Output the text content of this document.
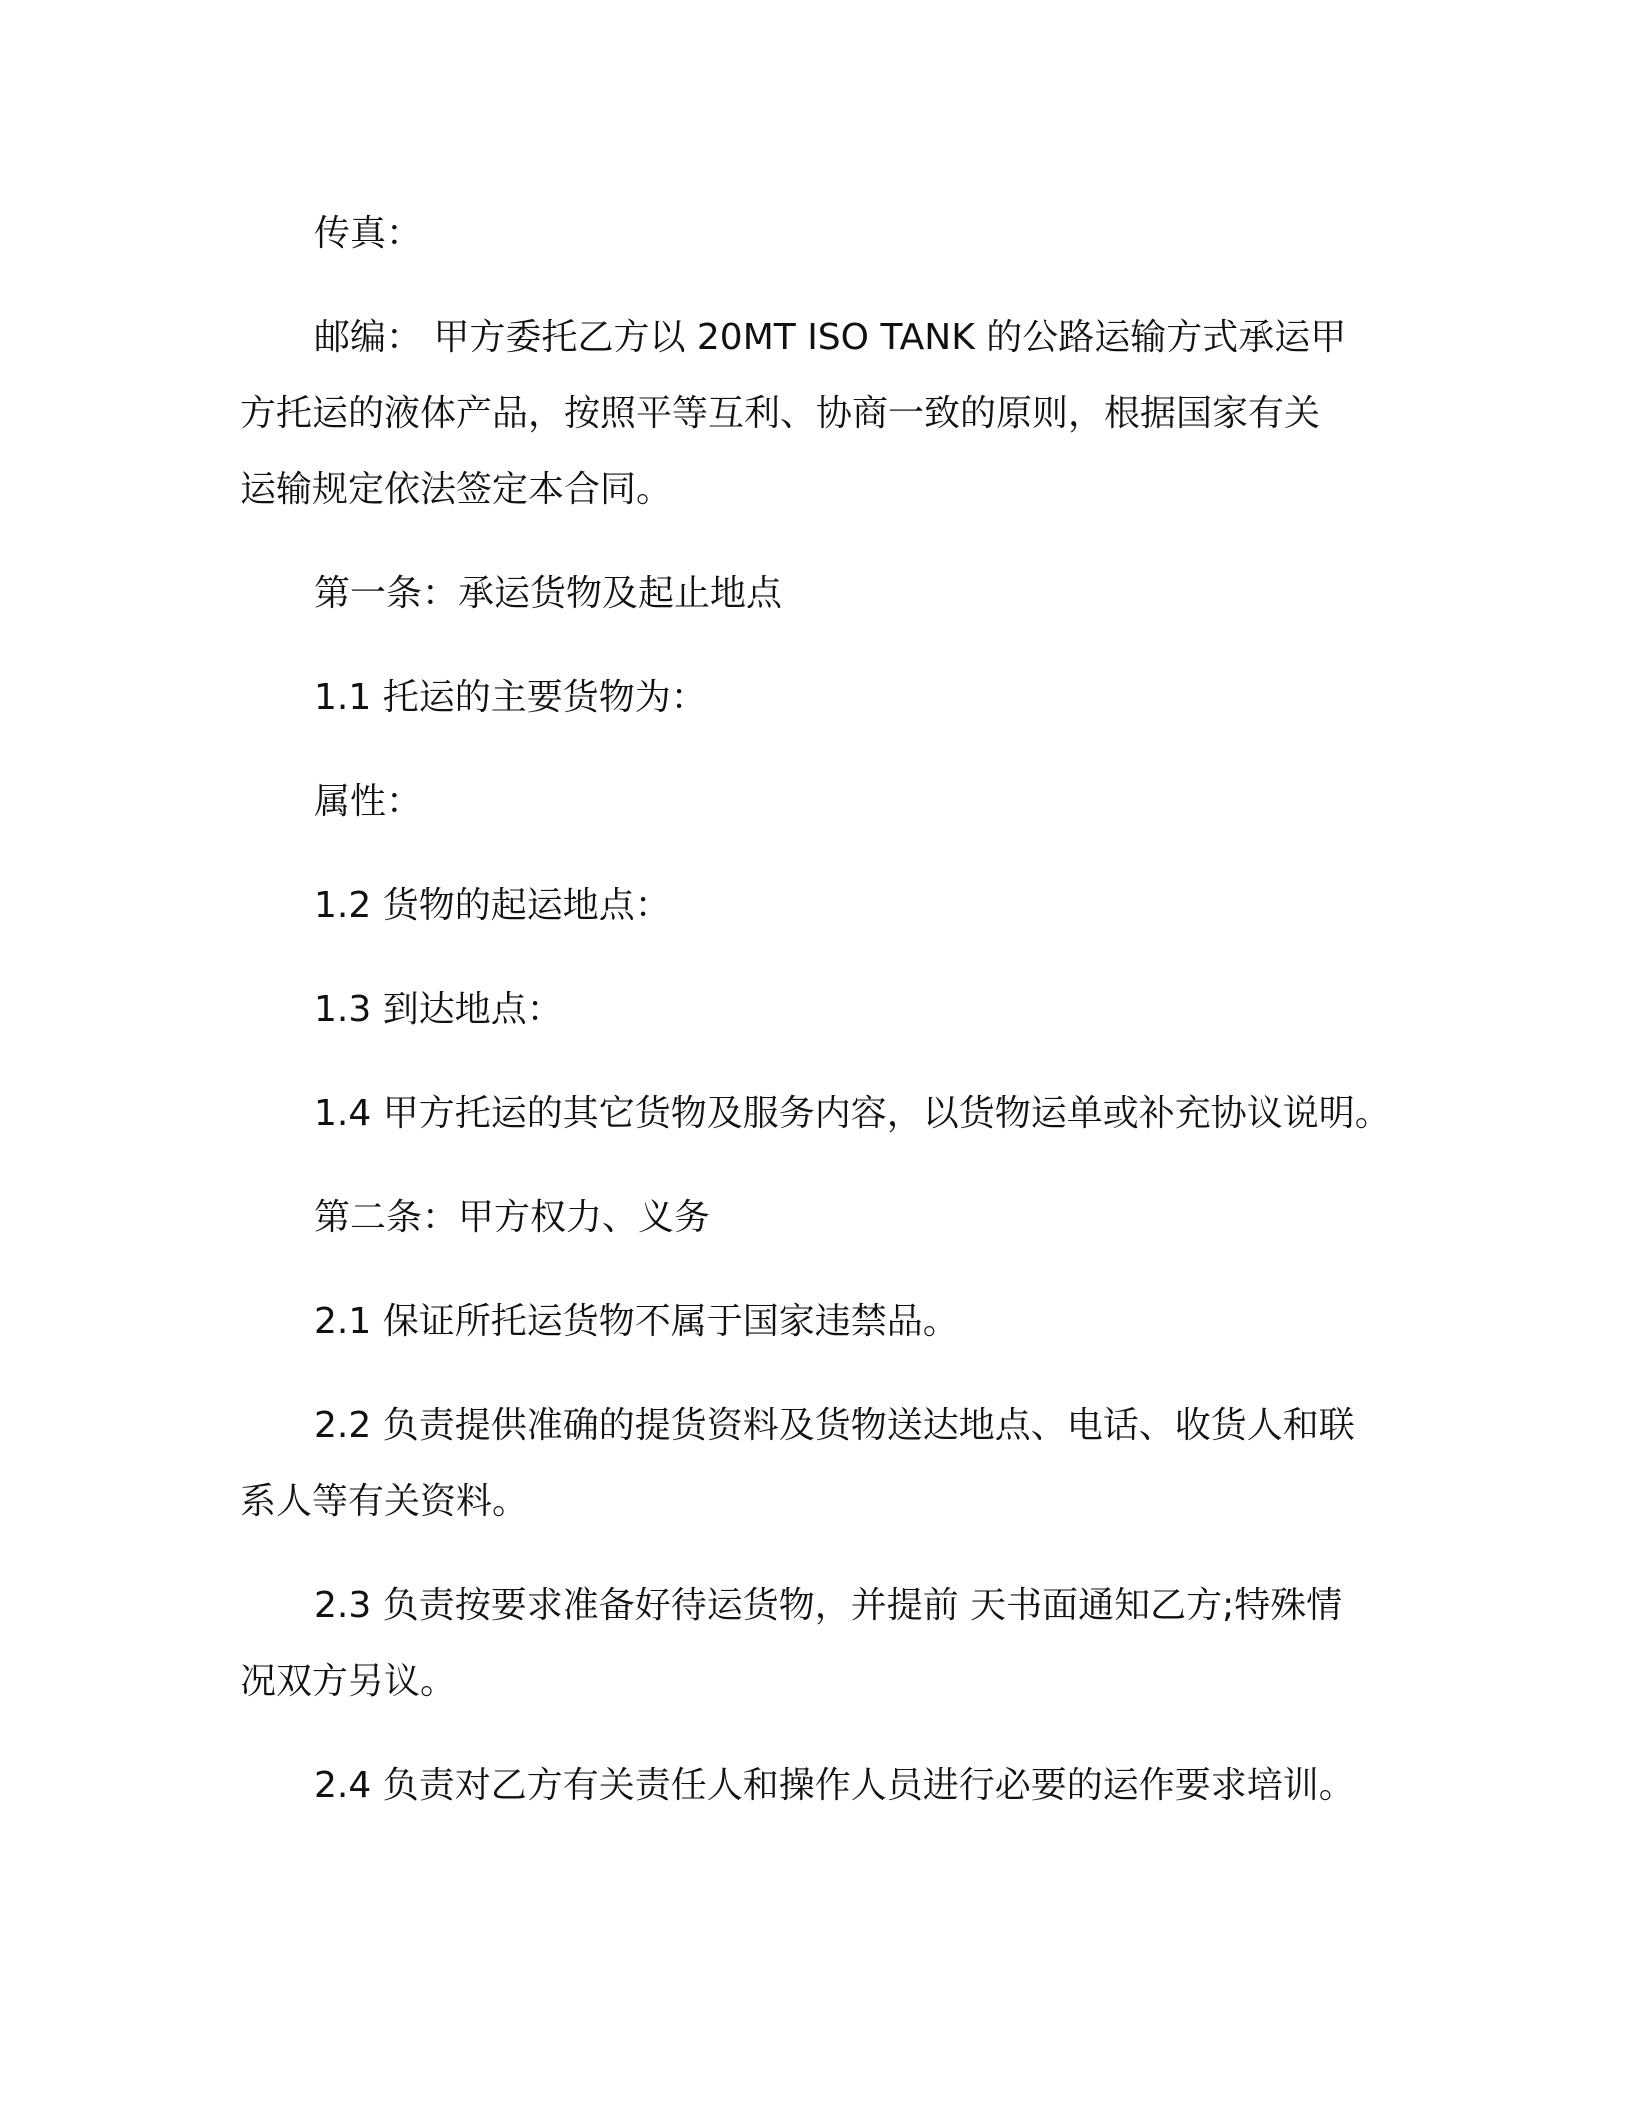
传真：

邮编： 甲方委托乙方以 20MT ISO TANK 的公路运输方式承运甲
方托运的液体产品，按照平等互利、协商一致的原则，根据国家有关
运输规定依法签定本合同。

第一条：承运货物及起止地点

1.1 托运的主要货物为：

属性：

1.2 货物的起运地点：

1.3 到达地点：

1.4 甲方托运的其它货物及服务内容，以货物运单或补充协议说明。

第二条：甲方权力、义务

2.1 保证所托运货物不属于国家违禁品。

2.2 负责提供准确的提货资料及货物送达地点、电话、收货人和联
系人等有关资料。

2.3 负责按要求准备好待运货物，并提前 天书面通知乙方;特殊情
况双方另议。

2.4 负责对乙方有关责任人和操作人员进行必要的运作要求培训。
